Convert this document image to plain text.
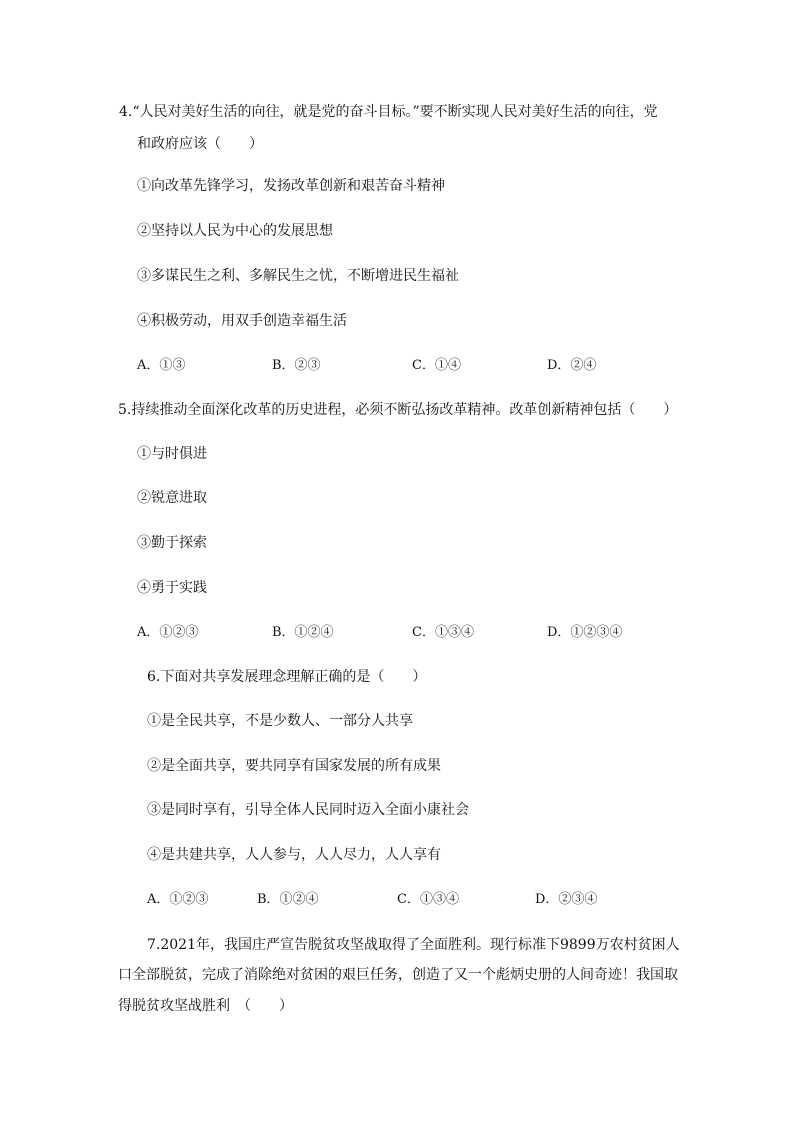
4.“人民对美好生活的向往，就是党的奋斗目标。”要不断实现人民对美好生活的向往，党
和政府应该（　　）
①向改革先锋学习，发扬改革创新和艰苦奋斗精神
②坚持以人民为中心的发展思想
③多谋民生之利、多解民生之忧，不断增进民生福祉
④积极劳动，用双手创造幸福生活
A．①③	B．②③	C．①④	D．②④
5.持续推动全面深化改革的历史进程，必须不断弘扬改革精神。改革创新精神包括（　　）
①与时俱进
②锐意进取
③勤于探索
④勇于实践
A．①②③	B．①②④	C．①③④	D．①②③④
6.下面对共享发展理念理解正确的是（　　）
①是全民共享，不是少数人、一部分人共享
②是全面共享，要共同享有国家发展的所有成果
③是同时享有，引导全体人民同时迈入全面小康社会
④是共建共享，人人参与，人人尽力，人人享有
A．①②③	B．①②④	C．①③④	D．②③④
7.2021年，我国庄严宣告脱贫攻坚战取得了全面胜利。现行标准下9899万农村贫困人
口全部脱贫，完成了消除绝对贫困的艰巨任务，创造了又一个彪炳史册的人间奇迹！我国取
得脱贫攻坚战胜利　（　　）
